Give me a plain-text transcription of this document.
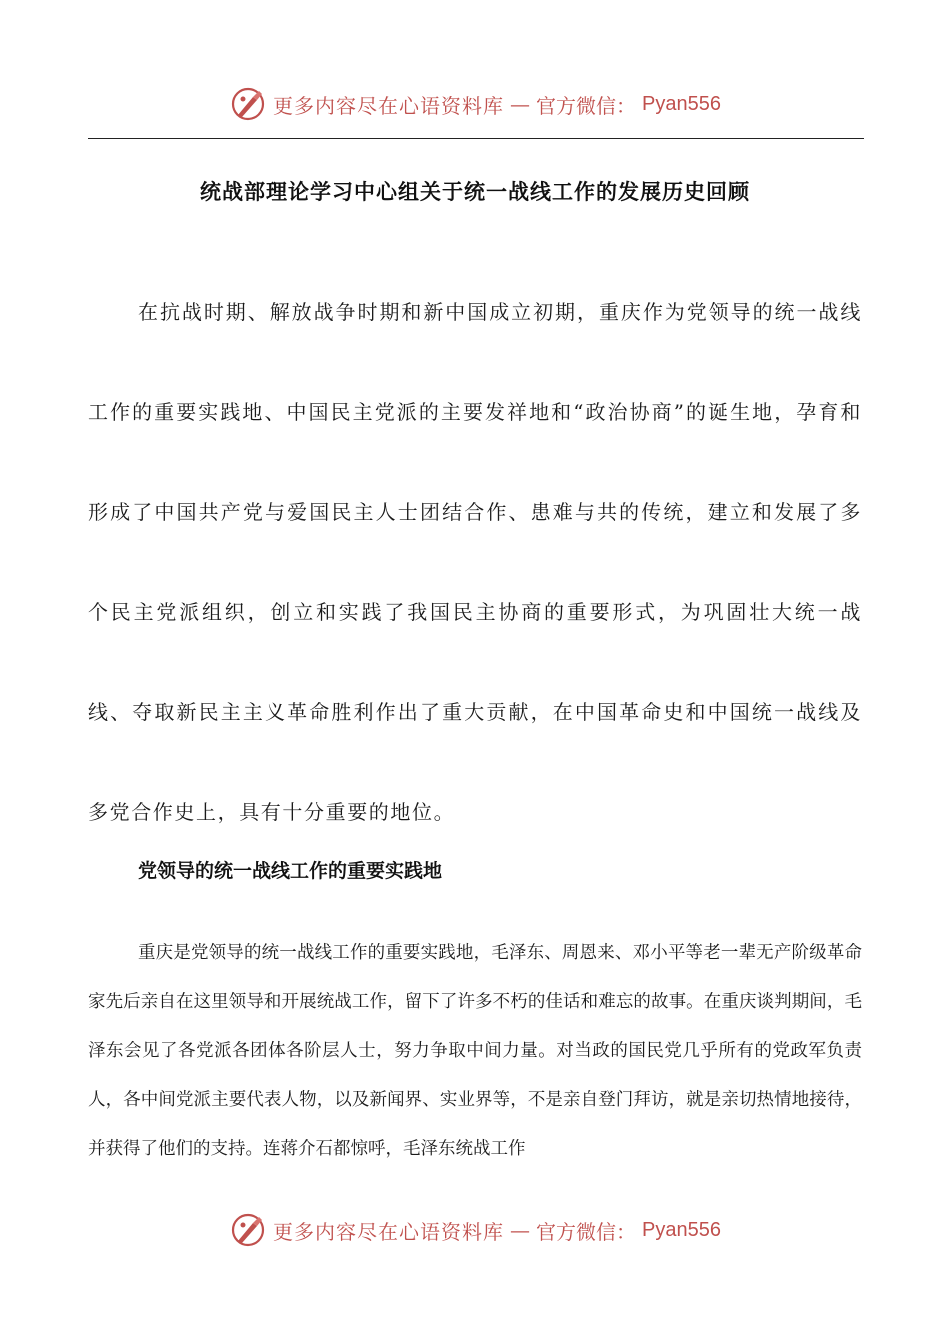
更多内容尽在心语资料库 — 官方微信： Pyan556
统战部理论学习中心组关于统一战线工作的发展历史回顾

在抗战时期、解放战争时期和新中国成立初期，重庆作为党领导的统一战线工作的重要实践地、中国民主党派的主要发祥地和“政治协商”的诞生地，孕育和形成了中国共产党与爱国民主人士团结合作、患难与共的传统，建立和发展了多个民主党派组织，创立和实践了我国民主协商的重要形式，为巩固壮大统一战线、夺取新民主主义革命胜利作出了重大贡献，在中国革命史和中国统一战线及多党合作史上，具有十分重要的地位。

党领导的统一战线工作的重要实践地

重庆是党领导的统一战线工作的重要实践地，毛泽东、周恩来、邓小平等老一辈无产阶级革命家先后亲自在这里领导和开展统战工作，留下了许多不朽的佳话和难忘的故事。在重庆谈判期间，毛泽东会见了各党派各团体各阶层人士，努力争取中间力量。对当政的国民党几乎所有的党政军负责人，各中间党派主要代表人物，以及新闻界、实业界等，不是亲自登门拜访，就是亲切热情地接待，并获得了他们的支持。连蒋介石都惊呼，毛泽东统战工作

更多内容尽在心语资料库 — 官方微信： Pyan556
